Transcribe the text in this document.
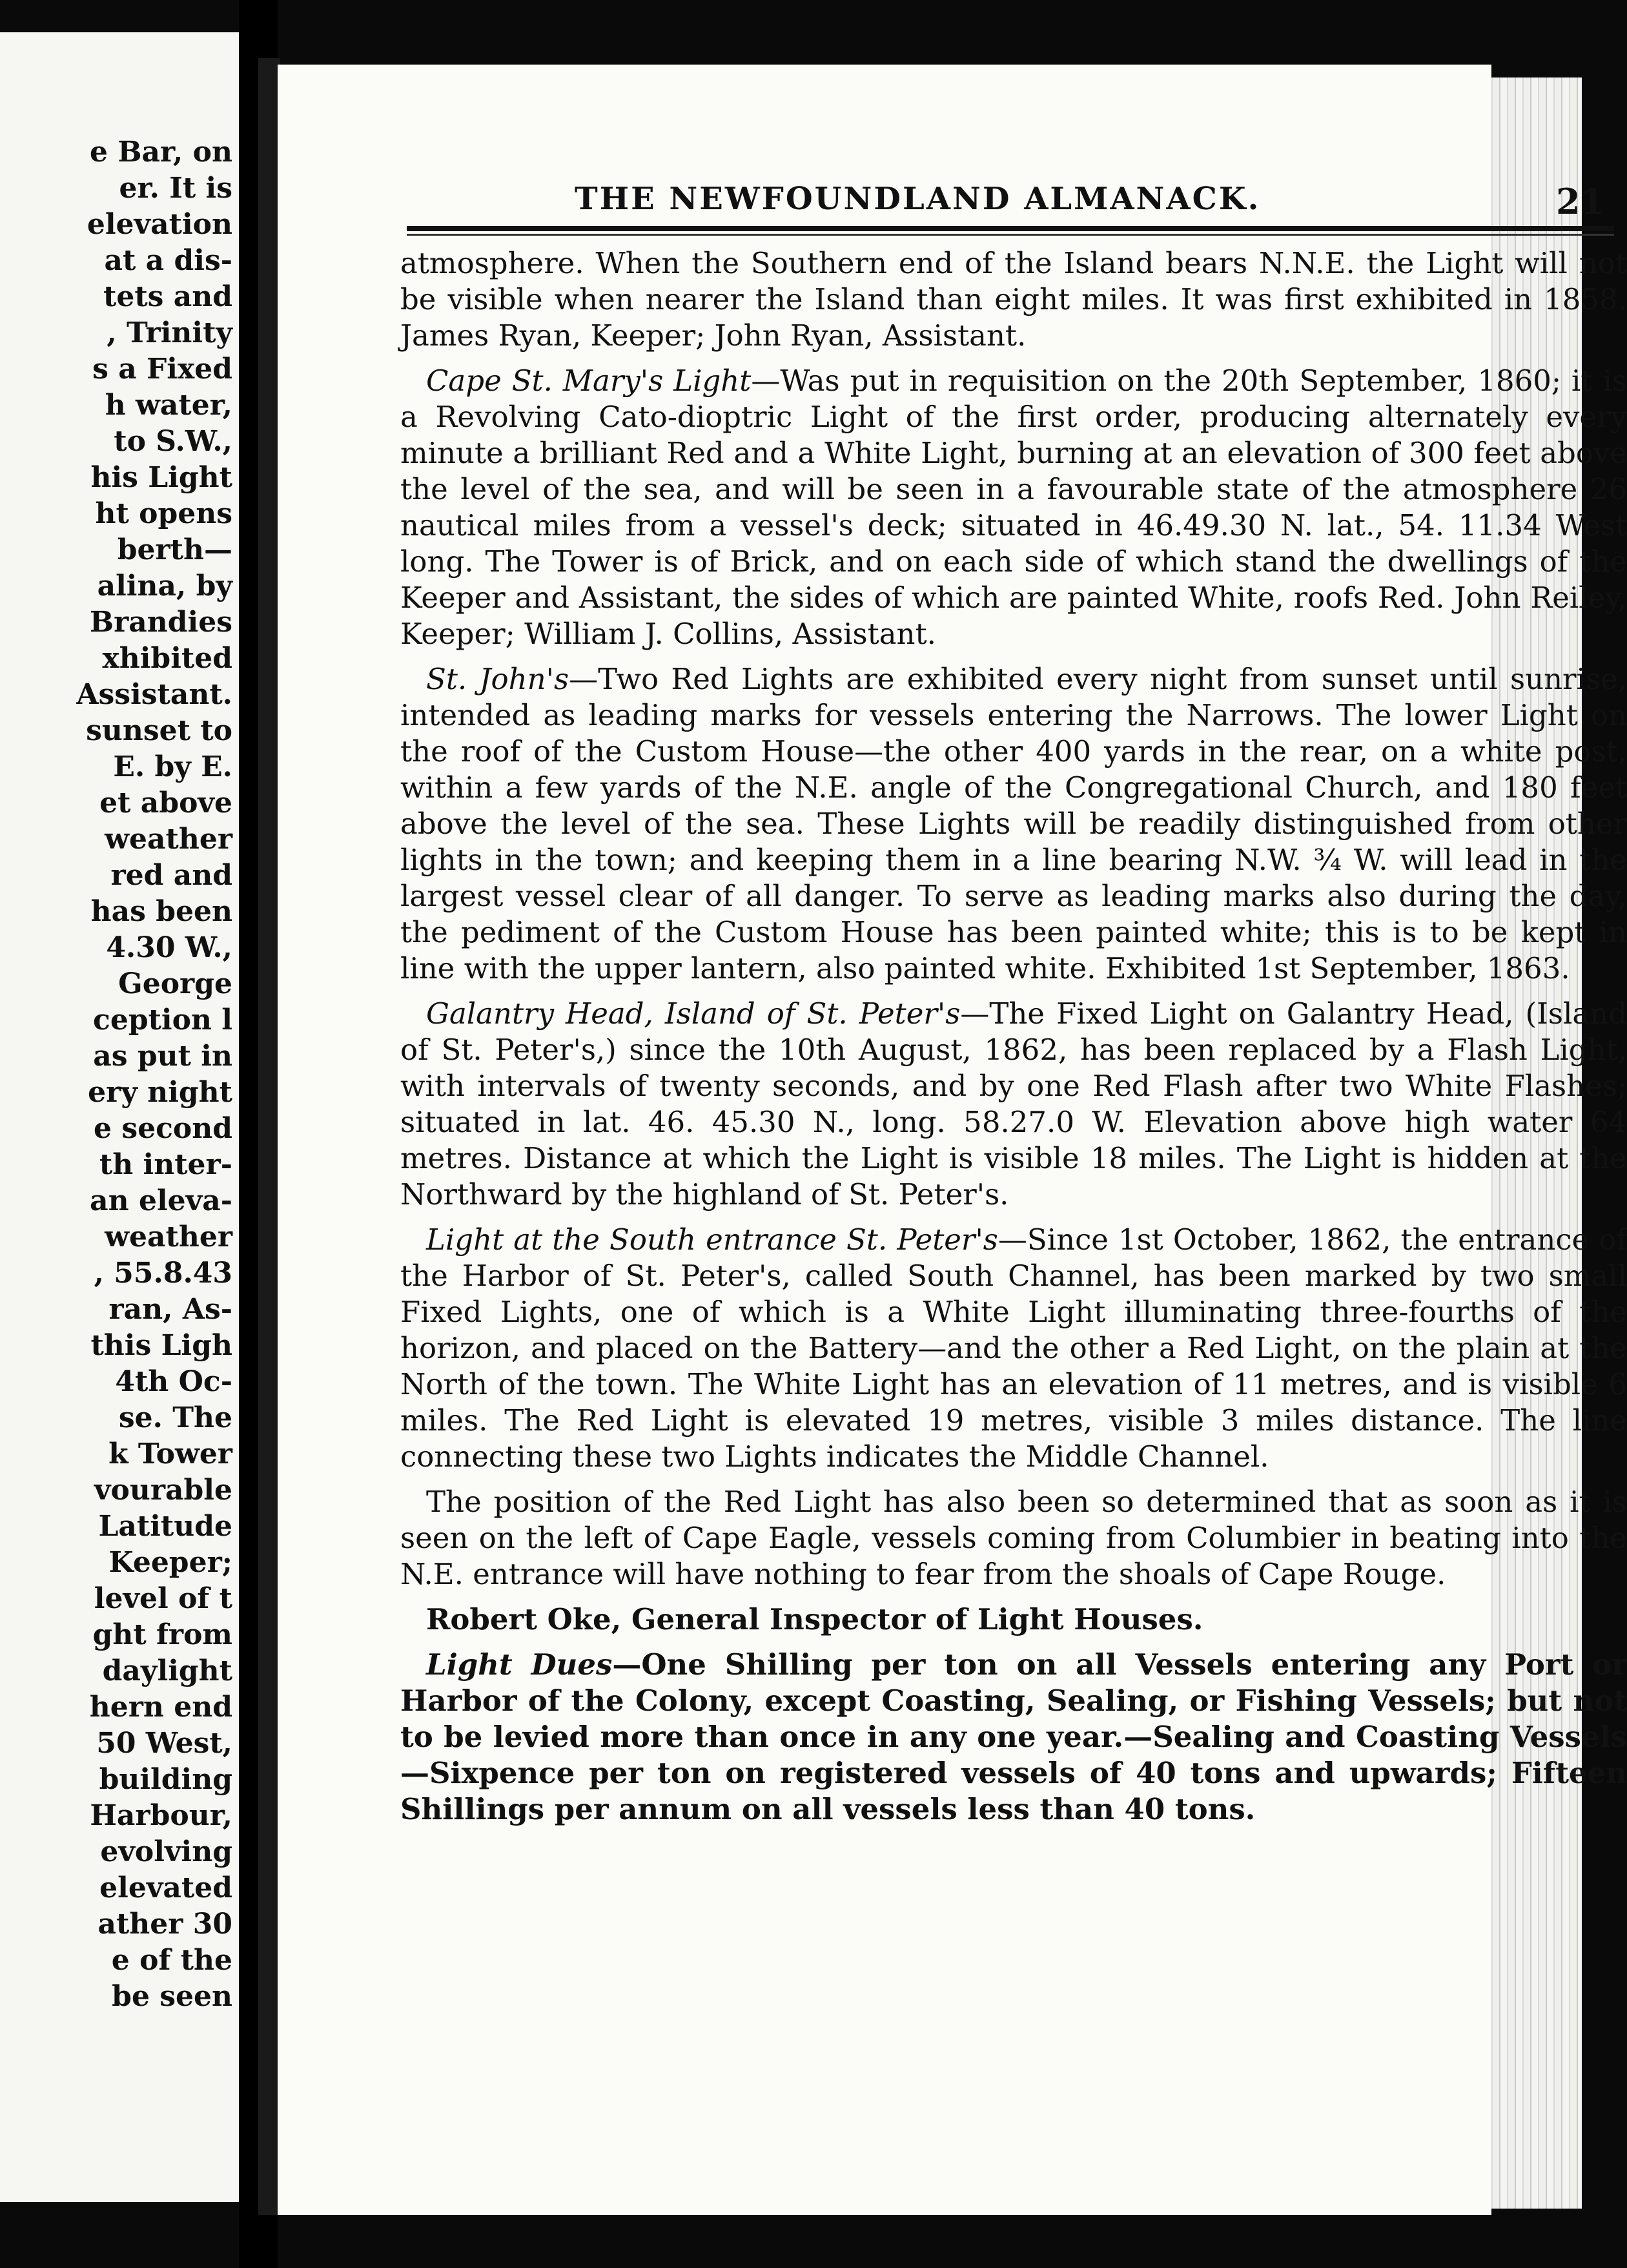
e Bar, on
er. It is
elevation
at a dis-
tets and
, Trinity
s a Fixed
h water,
to S.W.,
his Light
ht opens
berth—
alina, by
Brandies
xhibited
Assistant.
sunset to
E. by E.
et above
weather
red and
has been
4.30 W.,
George
ception l
as put in
ery night
e second
th inter-
an eleva-
weather
, 55.8.43
ran, As-
this Ligh
4th Oc-
se. The
k Tower
vourable
Latitude
Keeper;
level of t
ght from
daylight
hern end
50 West,
building
Harbour,
evolving
elevated
ather 30
e of the
be seen
THE NEWFOUNDLAND ALMANACK.	21

atmosphere. When the Southern end of the Island bears N.N.E. the Light will not be visible when nearer the Island than eight miles. It was first exhibited in 1858. James Ryan, Keeper; John Ryan, Assistant.

Cape St. Mary's Light—Was put in requisition on the 20th September, 1860; it is a Revolving Cato-dioptric Light of the first order, producing alternately every minute a brilliant Red and a White Light, burning at an elevation of 300 feet above the level of the sea, and will be seen in a favourable state of the atmosphere 26 nautical miles from a vessel's deck; situated in 46.49.30 N. lat., 54. 11.34 West long. The Tower is of Brick, and on each side of which stand the dwellings of the Keeper and Assistant, the sides of which are painted White, roofs Red. John Reiley, Keeper; William J. Collins, Assistant.

St. John's—Two Red Lights are exhibited every night from sunset until sunrise, intended as leading marks for vessels entering the Narrows. The lower Light on the roof of the Custom House—the other 400 yards in the rear, on a white post, within a few yards of the N.E. angle of the Congregational Church, and 180 feet above the level of the sea. These Lights will be readily distinguished from other lights in the town; and keeping them in a line bearing N.W. ¾ W. will lead in the largest vessel clear of all danger. To serve as leading marks also during the day, the pediment of the Custom House has been painted white; this is to be kept in line with the upper lantern, also painted white. Exhibited 1st September, 1863.

Galantry Head, Island of St. Peter's—The Fixed Light on Galantry Head, (Island of St. Peter's,) since the 10th August, 1862, has been replaced by a Flash Light, with intervals of twenty seconds, and by one Red Flash after two White Flashes; situated in lat. 46. 45.30 N., long. 58.27.0 W. Elevation above high water 64 metres. Distance at which the Light is visible 18 miles. The Light is hidden at the Northward by the highland of St. Peter's.

Light at the South entrance St. Peter's—Since 1st October, 1862, the entrance of the Harbor of St. Peter's, called South Channel, has been marked by two small Fixed Lights, one of which is a White Light illuminating three-fourths of the horizon, and placed on the Battery—and the other a Red Light, on the plain at the North of the town. The White Light has an elevation of 11 metres, and is visible 6 miles. The Red Light is elevated 19 metres, visible 3 miles distance. The line connecting these two Lights indicates the Middle Channel.

The position of the Red Light has also been so determined that as soon as it is seen on the left of Cape Eagle, vessels coming from Columbier in beating into the N.E. entrance will have nothing to fear from the shoals of Cape Rouge.

Robert Oke, General Inspector of Light Houses.

Light Dues—One Shilling per ton on all Vessels entering any Port or Harbor of the Colony, except Coasting, Sealing, or Fishing Vessels; but not to be levied more than once in any one year.—Sealing and Coasting Vessels—Sixpence per ton on registered vessels of 40 tons and upwards; Fifteen Shillings per annum on all vessels less than 40 tons.
